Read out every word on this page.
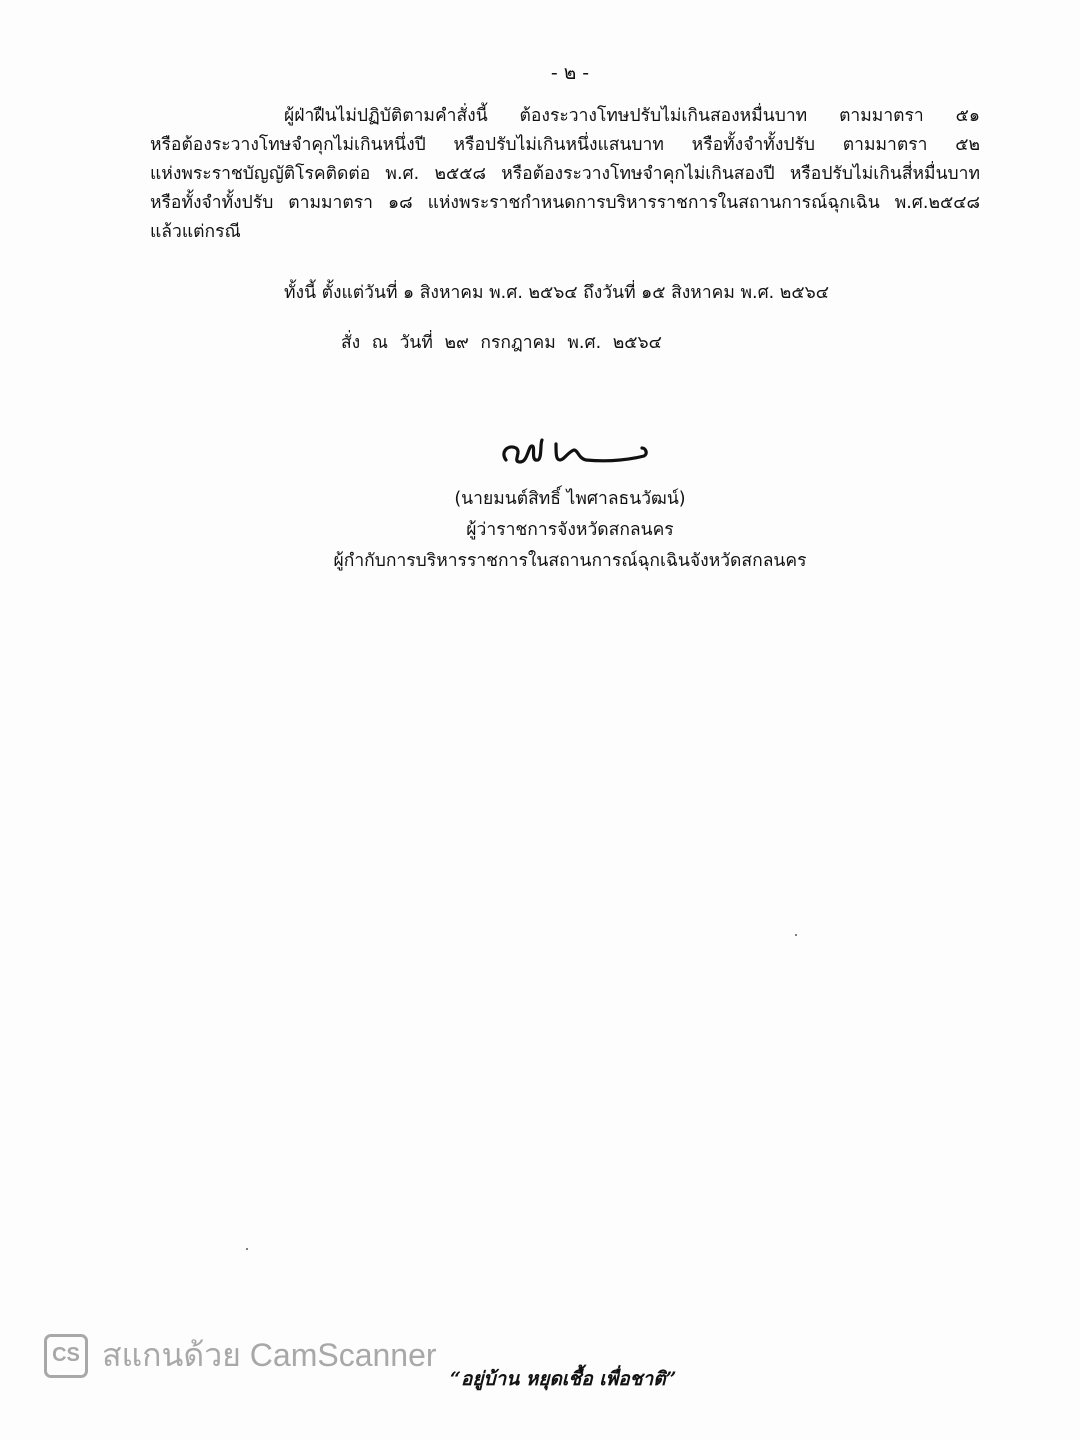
- ๒ -
ผู้ฝ่าฝืนไม่ปฏิบัติตามคำสั่งนี้ ต้องระวางโทษปรับไม่เกินสองหมื่นบาท ตามมาตรา ๕๑
หรือต้องระวางโทษจำคุกไม่เกินหนึ่งปี หรือปรับไม่เกินหนึ่งแสนบาท หรือทั้งจำทั้งปรับ ตามมาตรา ๕๒
แห่งพระราชบัญญัติโรคติดต่อ พ.ศ. ๒๕๕๘ หรือต้องระวางโทษจำคุกไม่เกินสองปี หรือปรับไม่เกินสี่หมื่นบาท
หรือทั้งจำทั้งปรับ ตามมาตรา ๑๘ แห่งพระราชกำหนดการบริหารราชการในสถานการณ์ฉุกเฉิน พ.ศ.๒๕๔๘
แล้วแต่กรณี
ทั้งนี้ ตั้งแต่วันที่ ๑ สิงหาคม พ.ศ. ๒๕๖๔ ถึงวันที่ ๑๕ สิงหาคม พ.ศ. ๒๕๖๔
สั่ง ณ วันที่ ๒๙ กรกฎาคม พ.ศ. ๒๕๖๔
(นายมนต์สิทธิ์ ไพศาลธนวัฒน์)
ผู้ว่าราชการจังหวัดสกลนคร
ผู้กำกับการบริหารราชการในสถานการณ์ฉุกเฉินจังหวัดสกลนคร
CS สแกนด้วย CamScanner
“อยู่บ้าน หยุดเชื้อ เพื่อชาติ”
